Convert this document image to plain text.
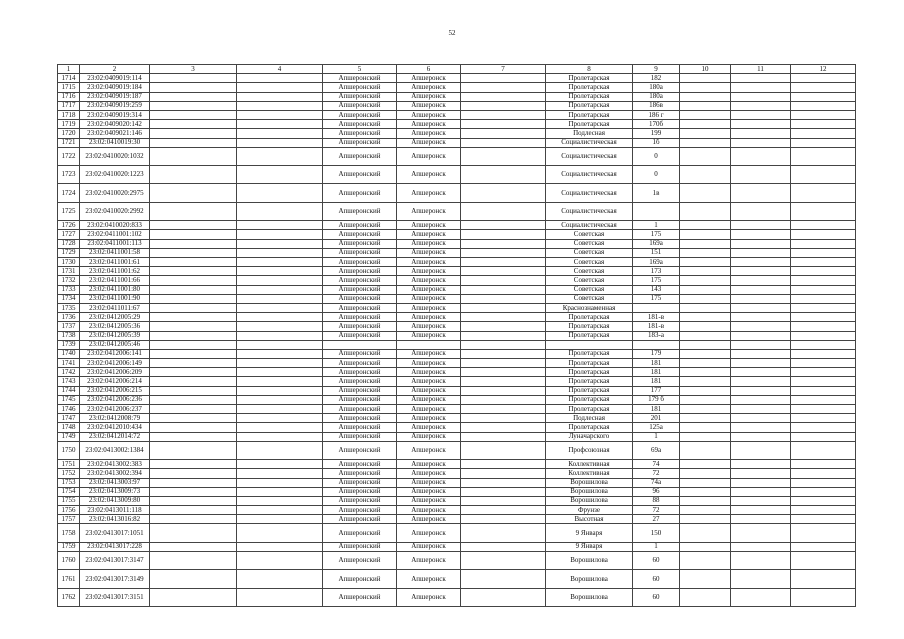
52
1	2	3	4	5	6	7	8	9	10	11	12
1714	23:02:0409019:114	Апшеронский	Апшеронск	Пролетарская	182
1715	23:02:0409019:184	Апшеронский	Апшеронск	Пролетарская	180а
1716	23:02:0409019:187	Апшеронский	Апшеронск	Пролетарская	180а
1717	23:02:0409019:259	Апшеронский	Апшеронск	Пролетарская	186в
1718	23:02:0409019:314	Апшеронский	Апшеронск	Пролетарская	186 г
1719	23:02:0409020:142	Апшеронский	Апшеронск	Пролетарская	170б
1720	23:02:0409021:146	Апшеронский	Апшеронск	Подлесная	199
1721	23:02:0410019:30	Апшеронский	Апшеронск	Социалистическая	1б
1722	23:02:0410020:1032	Апшеронский	Апшеронск	Социалистическая	0
1723	23:02:0410020:1223	Апшеронский	Апшеронск	Социалистическая	0
1724	23:02:0410020:2975	Апшеронский	Апшеронск	Социалистическая	1в
1725	23:02:0410020:2992	Апшеронский	Апшеронск	Социалистическая
1726	23:02:0410020:833	Апшеронский	Апшеронск	Социалистическая	1
1727	23:02:0411001:102	Апшеронский	Апшеронск	Советская	175
1728	23:02:0411001:113	Апшеронский	Апшеронск	Советская	169а
1729	23:02:0411001:58	Апшеронский	Апшеронск	Советская	151
1730	23:02:0411001:61	Апшеронский	Апшеронск	Советская	169а
1731	23:02:0411001:62	Апшеронский	Апшеронск	Советская	173
1732	23:02:0411001:66	Апшеронский	Апшеронск	Советская	175
1733	23:02:0411001:80	Апшеронский	Апшеронск	Советская	143
1734	23:02:0411001:90	Апшеронский	Апшеронск	Советская	175
1735	23:02:0411011:67	Апшеронский	Апшеронск	Краснознаменная
1736	23:02:0412005:29	Апшеронский	Апшеронск	Пролетарская	181-в
1737	23:02:0412005:36	Апшеронский	Апшеронск	Пролетарская	181-в
1738	23:02:0412005:39	Апшеронский	Апшеронск	Пролетарская	183-а
1739	23:02:0412005:46
1740	23:02:0412006:141	Апшеронский	Апшеронск	Пролетарская	179
1741	23:02:0412006:149	Апшеронский	Апшеронск	Пролетарская	181
1742	23:02:0412006:209	Апшеронский	Апшеронск	Пролетарская	181
1743	23:02:0412006:214	Апшеронский	Апшеронск	Пролетарская	181
1744	23:02:0412006:215	Апшеронский	Апшеронск	Пролетарская	177
1745	23:02:0412006:236	Апшеронский	Апшеронск	Пролетарская	179 б
1746	23:02:0412006:237	Апшеронский	Апшеронск	Пролетарская	181
1747	23:02:0412008:79	Апшеронский	Апшеронск	Подлесная	201
1748	23:02:0412010:434	Апшеронский	Апшеронск	Пролетарская	125а
1749	23:02:0412014:72	Апшеронский	Апшеронск	Луначарского	1
1750	23:02:0413002:1384	Апшеронский	Апшеронск	Профсоюзная	69а
1751	23:02:0413002:383	Апшеронский	Апшеронск	Коллективная	74
1752	23:02:0413002:394	Апшеронский	Апшеронск	Коллективная	72
1753	23:02:0413003:97	Апшеронский	Апшеронск	Ворошилова	74а
1754	23:02:0413009:73	Апшеронский	Апшеронск	Ворошилова	96
1755	23:02:0413009:80	Апшеронский	Апшеронск	Ворошилова	88
1756	23:02:0413011:118	Апшеронский	Апшеронск	Фрунзе	72
1757	23:02:0413016:82	Апшеронский	Апшеронск	Высотная	27
1758	23:02:0413017:1051	Апшеронский	Апшеронск	9 Января	150
1759	23:02:0413017:228	Апшеронский	Апшеронск	9 Января	1
1760	23:02:0413017:3147	Апшеронский	Апшеронск	Ворошилова	60
1761	23:02:0413017:3149	Апшеронский	Апшеронск	Ворошилова	60
1762	23:02:0413017:3151	Апшеронский	Апшеронск	Ворошилова	60
